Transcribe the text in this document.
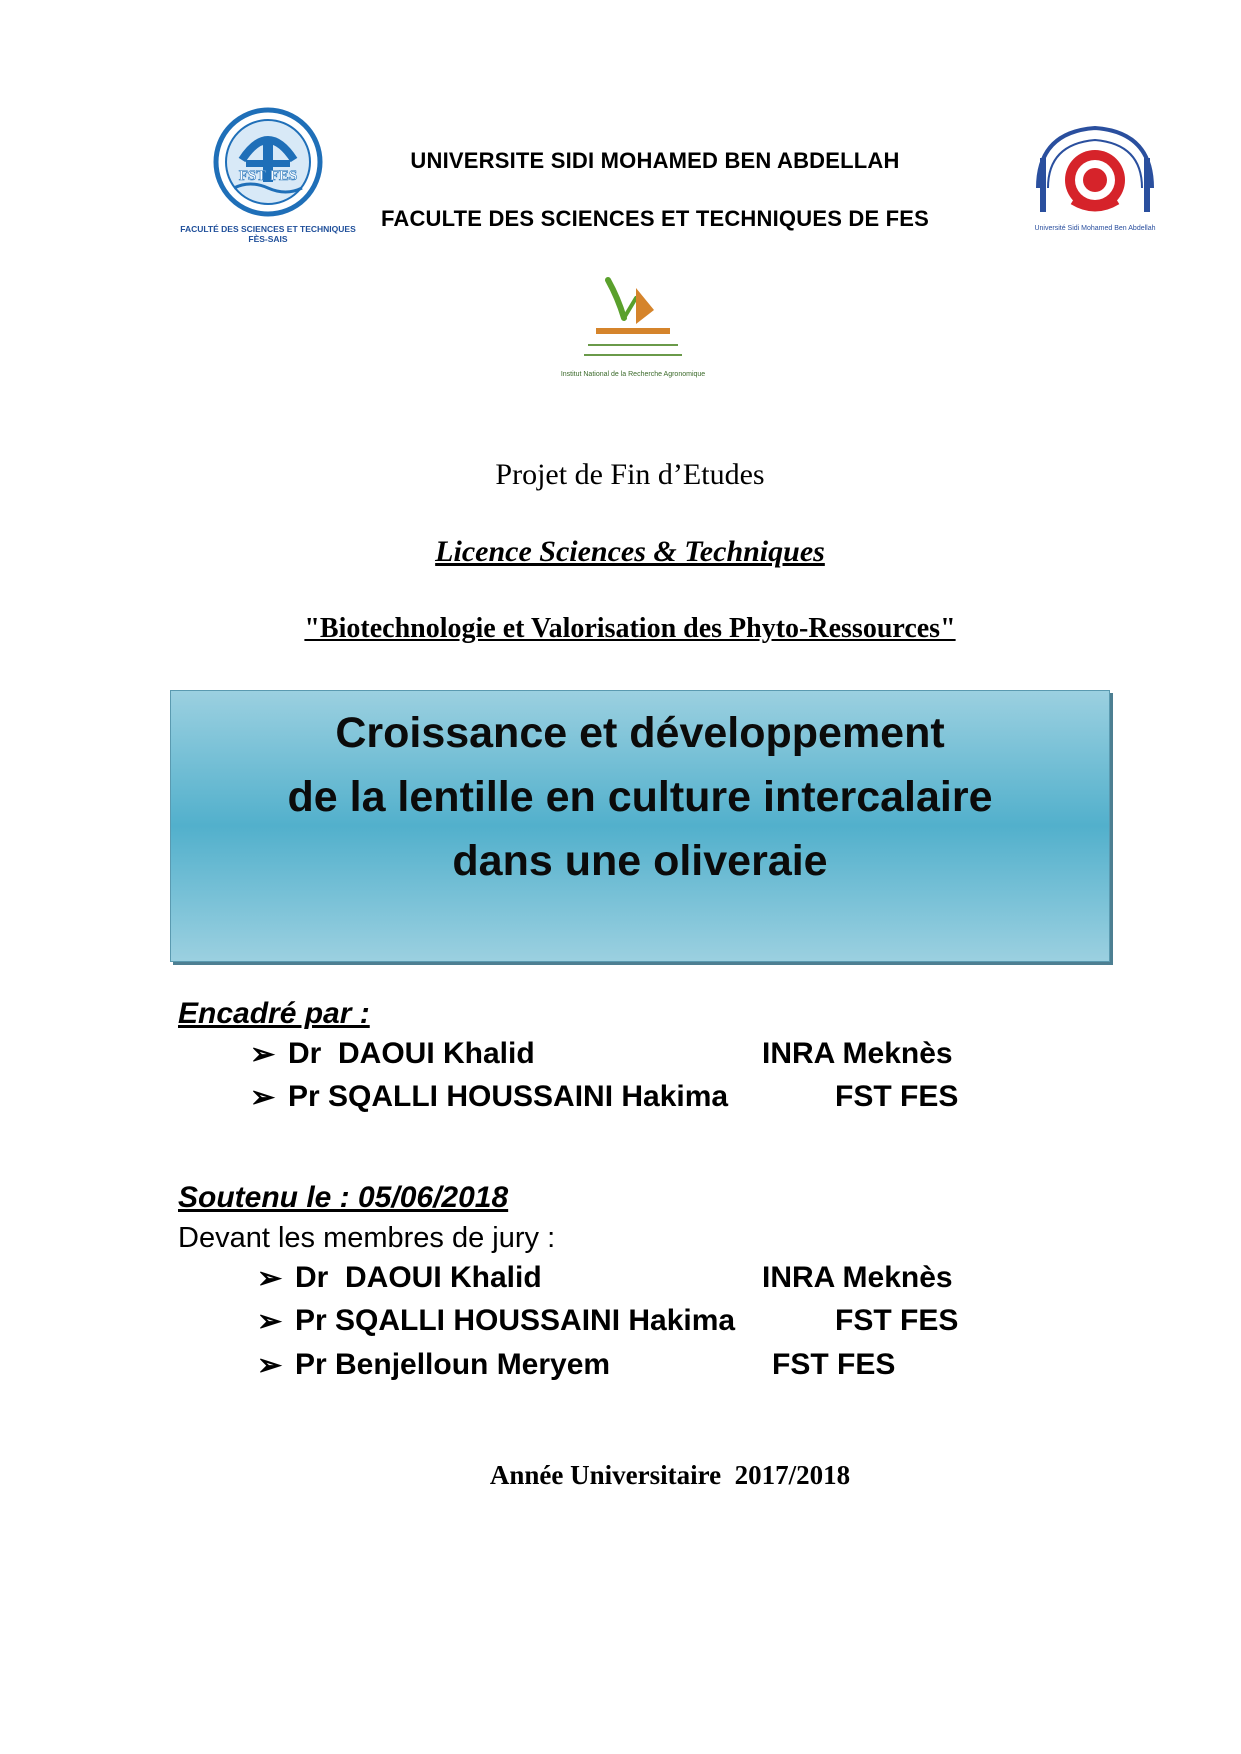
FST FES
FACULTÉ DES SCIENCES ET TECHNIQUES
FÈS-SAIS
UNIVERSITE SIDI MOHAMED BEN ABDELLAH
FACULTE DES SCIENCES ET TECHNIQUES DE FES	Université Sidi Mohamed Ben Abdellah
Institut National de la Recherche Agronomique
Projet de Fin d’Etudes
Licence Sciences & Techniques
"Biotechnologie et Valorisation des Phyto-Ressources"
Croissance et développement
de la lentille en culture intercalaire
dans une oliveraie
Encadré par :
➢ Dr  DAOUI Khalid	INRA Meknès
➢ Pr SQALLI HOUSSAINI Hakima	FST FES
Soutenu le : 05/06/2018
Devant les membres de jury :
➢ Dr  DAOUI Khalid	INRA Meknès
➢ Pr SQALLI HOUSSAINI Hakima	FST FES
➢ Pr Benjelloun Meryem	FST FES
Année Universitaire  2017/2018
